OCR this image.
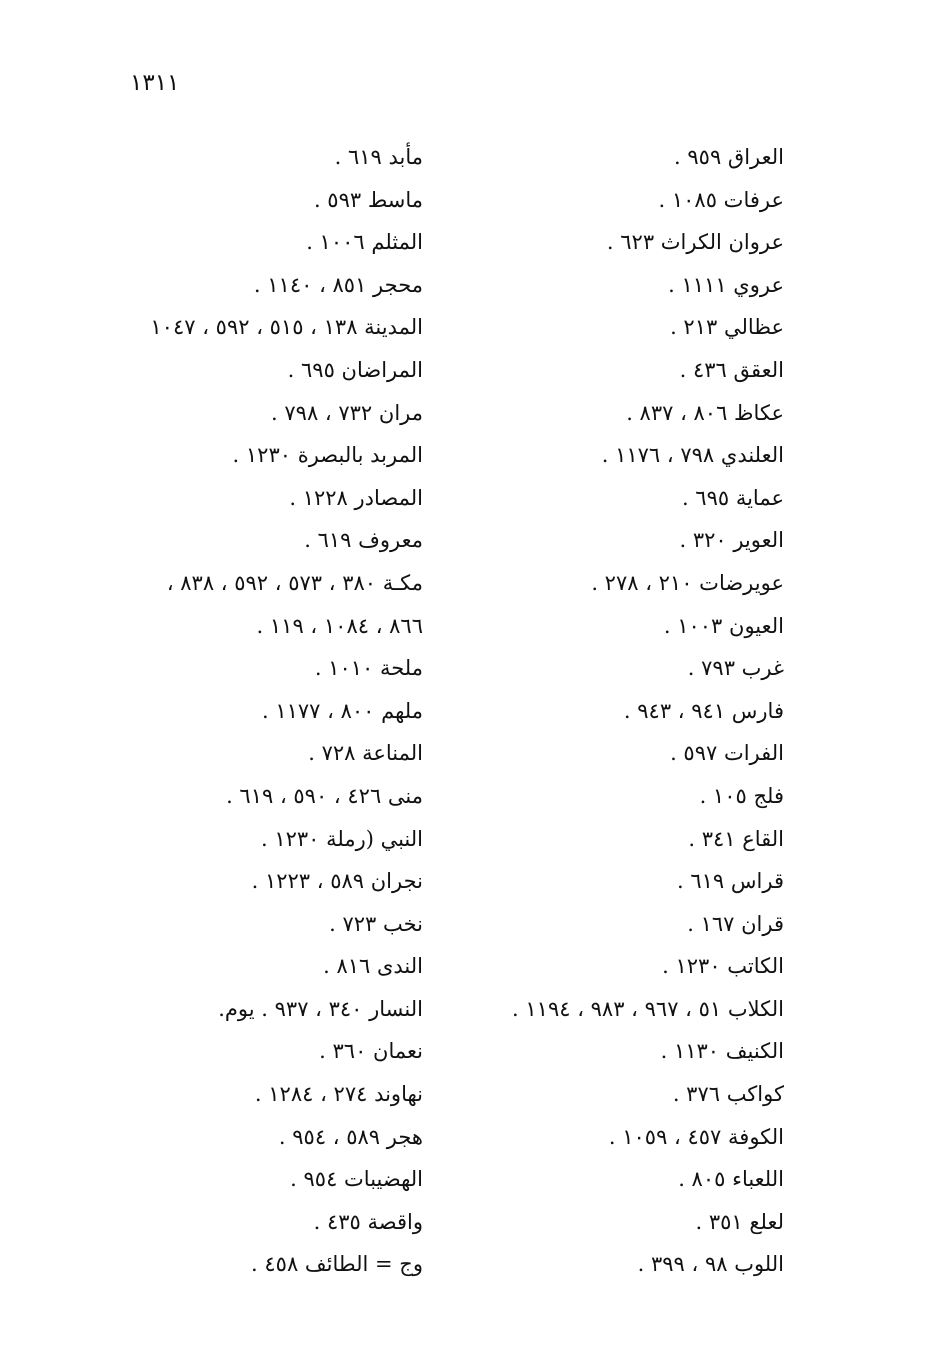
١٣١١
العراق ٩٥٩ .
عرفات ١٠٨٥ .
عروان الكراث ٦٢٣ .
عروي ١١١١ .
عظالي ٢١٣ .
العقق ٤٣٦ .
عكاظ ٨٠٦ ، ٨٣٧ .
العلندي ٧٩٨ ، ١١٧٦ .
عماية ٦٩٥ .
العوير ٣٢٠ .
عويرضات ٢١٠ ، ٢٧٨ .
العيون ١٠٠٣ .
غرب ٧٩٣ .
فارس ٩٤١ ، ٩٤٣ .
الفرات ٥٩٧ .
فلج ١٠٥ .
القاع ٣٤١ .
قراس ٦١٩ .
قران ١٦٧ .
الكاتب ١٢٣٠ .
الكلاب ٥١ ، ٩٦٧ ، ٩٨٣ ، ١١٩٤ .
الكنيف ١١٣٠ .
كواكب ٣٧٦ .
الكوفة ٤٥٧ ، ١٠٥٩ .
اللعباء ٨٠٥ .
لعلع ٣٥١ .
اللوب ٩٨ ، ٣٩٩ .
مأبد ٦١٩ .
ماسط ٥٩٣ .
المثلم ١٠٠٦ .
محجر ٨٥١ ، ١١٤٠ .
المدينة ١٣٨ ، ٥١٥ ، ٥٩٢ ، ١٠٤٧
المراضان ٦٩٥ .
مران ٧٣٢ ، ٧٩٨ .
المربد بالبصرة ١٢٣٠ .
المصادر ١٢٢٨ .
معروف ٦١٩ .
مكـة ٣٨٠ ، ٥٧٣ ، ٥٩٢ ، ٨٣٨ ،
٨٦٦ ، ١٠٨٤ ، ١١٩ .
ملحة ١٠١٠ .
ملهم ٨٠٠ ، ١١٧٧ .
المناعة ٧٢٨ .
منى ٤٢٦ ، ٥٩٠ ، ٦١٩ .
النبي (رملة ١٢٣٠ .
نجران ٥٨٩ ، ١٢٢٣ .
نخب ٧٢٣ .
الندى ٨١٦ .
النسار ٣٤٠ ، ٩٣٧ . يوم.
نعمان ٣٦٠ .
نهاوند ٢٧٤ ، ١٢٨٤ .
هجر ٥٨٩ ، ٩٥٤ .
الهضيبات ٩٥٤ .
واقصة ٤٣٥ .
وج = الطائف ٤٥٨ .
